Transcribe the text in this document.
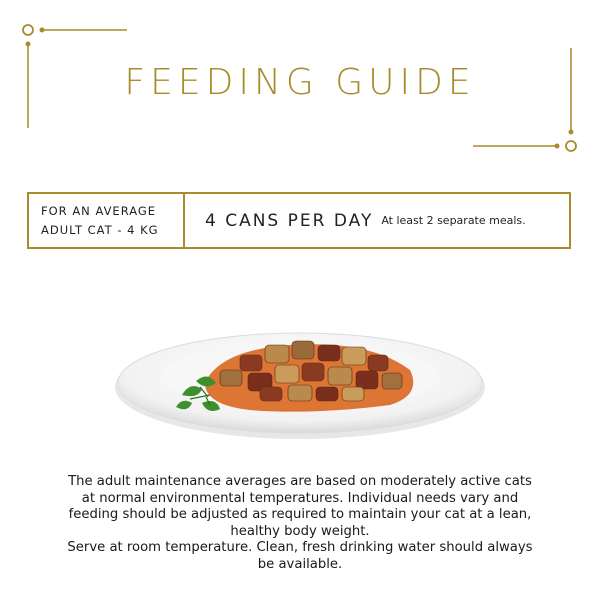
FEEDING GUIDE
FOR AN AVERAGE
ADULT CAT - 4 KG	4 CANS PER DAY At least 2 separate meals.

The adult maintenance averages are based on moderately active cats at normal environmental temperatures. Individual needs vary and feeding should be adjusted as required to maintain your cat at a lean, healthy body weight.

Serve at room temperature. Clean, fresh drinking water should always be available.
